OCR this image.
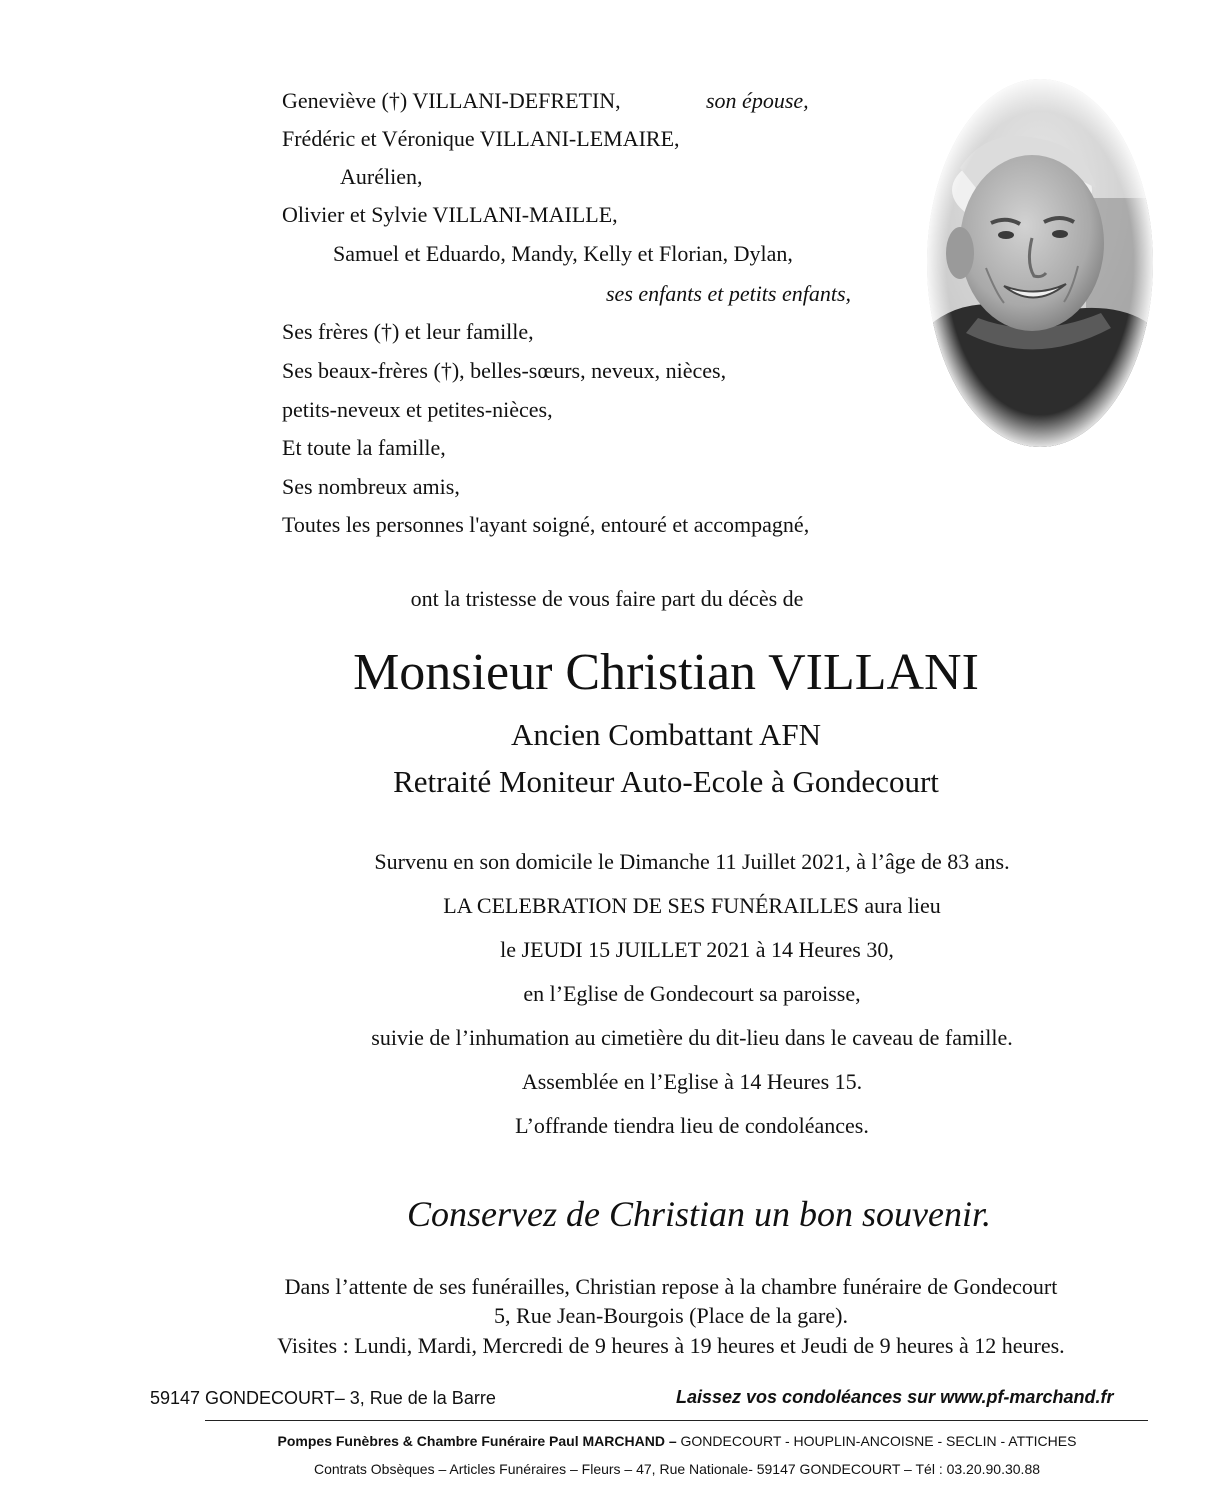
Geneviève (†) VILLANI-DEFRETIN,	son épouse,
Frédéric et Véronique VILLANI-LEMAIRE,
Aurélien,
Olivier et Sylvie VILLANI-MAILLE,
Samuel et Eduardo, Mandy, Kelly et Florian, Dylan,
ses enfants et petits enfants,
Ses frères (†) et leur famille,
Ses beaux-frères (†), belles-sœurs, neveux, nièces,
petits-neveux et petites-nièces,
Et toute la famille,
Ses nombreux amis,
Toutes les personnes l'ayant soigné, entouré et accompagné,
ont la tristesse de vous faire part du décès de
Monsieur Christian VILLANI
Ancien Combattant AFN
Retraité Moniteur Auto-Ecole à Gondecourt
Survenu en son domicile le Dimanche 11 Juillet 2021, à l’âge de 83 ans.
LA CELEBRATION DE SES FUNÉRAILLES aura lieu
le JEUDI 15 JUILLET 2021 à 14 Heures 30,
en l’Eglise de Gondecourt sa paroisse,
suivie de l’inhumation au cimetière du dit-lieu dans le caveau de famille.
Assemblée en l’Eglise à 14 Heures 15.
L’offrande tiendra lieu de condoléances.
Conservez de Christian un bon souvenir.
Dans l’attente de ses funérailles, Christian repose à la chambre funéraire de Gondecourt
5, Rue Jean-Bourgois (Place de la gare).
Visites : Lundi, Mardi, Mercredi de 9 heures à 19 heures et Jeudi de 9 heures à 12 heures.
59147 GONDECOURT– 3, Rue de la Barre	Laissez vos condoléances sur www.pf-marchand.fr
Pompes Funèbres & Chambre Funéraire Paul MARCHAND – GONDECOURT - HOUPLIN-ANCOISNE - SECLIN - ATTICHES
Contrats Obsèques – Articles Funéraires – Fleurs – 47, Rue Nationale- 59147 GONDECOURT – Tél : 03.20.90.30.88
